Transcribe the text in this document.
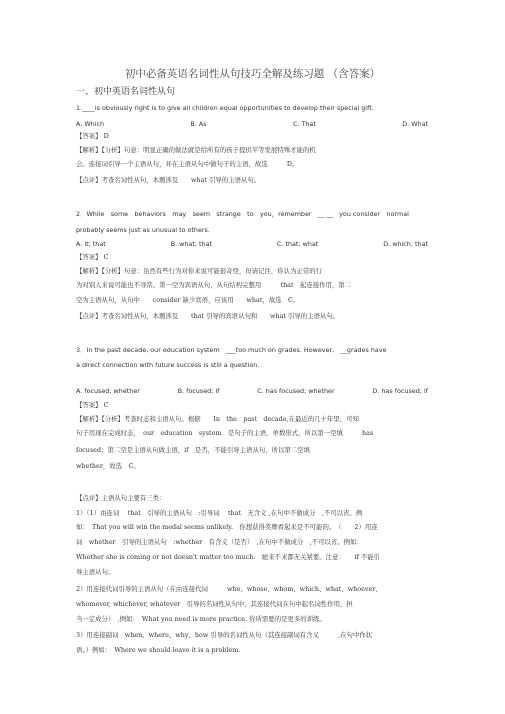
初中必备英语名词性从句技巧全解及练习题 （含答案）
一、初中英语名词性从句
1.____is obviously right is to give all children equal opportunities to develop their special gift.
A. Which	B. As	C. That	D. What
【答案】 D
【解析】【分析】句意：明显正确的做法就是给所有的孩子提供平等发展特殊才能的机
会。连接词引导一个主语从句，并在主语从句中做句子的主语，故选　　　D。
【点评】考查名词性从句，本题涉及　　what 引导的主语从句。
2．While　some　behaviors　may　seem　strange　to　you，remember　__ __　you consider　normal
probably seems just as unusual to others.
A. it; that	B. what; that	C. that; what	D. which; that
【答案】 C
【解析】【分析】句意：虽然有些行为对你来说可能很奇怪，但请记住，你认为正常的行
为对别人来说可能也不寻常。第一空为宾语从句，从句结构完整用　　　that　起连接作用，第二
空为主语从句，从句中　　consider 缺少宾语，应该用　　what，故选　C。
【点评】考查名词性从句，本题涉及　　that 引导的宾语从句和　　what 引导的主语从句。
3．In the past decade, our education system　___too much on grades. However,　__grades have
a direct connection with future success is still a question.
A. focused; whether	B. focused; if	C. has focused; whether	D. has focused; if
【答案】 C
【解析】【分析】考查时态和主语从句。根据　　In　the　past　decade,在最近的几十年里，可知
句子用现在完成时态，　our　education　system　是句子的主语，单数形式，所以第一空填　　　has
focused；第二空是主语从句做主语，if　是否，不能引导主语从句，所以第二空填
whether，故选　C。
【点评】主语从句主要有三类：
1）（1）由连词　 that　引导的主语从句　:引导词　 that　无含义 ,在句中不做成分　,不可以省。例
如：　That you will win the medal seems unlikely.　你想获得奖牌看起来是不可能的。　（　　2）用连
词　whether　引导的主语从句　:whether　有含义（是否）　,在句中不做成分　,不可以省。例如：
Whether she is coming or not doesn't matter too much.　她来不来都无关紧要。注意：　　if 不能引
导主语从句。
2）用连接代词引导的主语从句（在由连接代词　　　who、whose、whom、which、what、whoever、
whomever, whichever, whatever　引导的名词性从句中，其连接代词在句中起名词性作用，担
当一定成分）　,例如：　What you need is more practice. 你所需要的是更多的训练。
3）用连接副词　when、where、why、how 引导的名词性从句（其连接副词有含义　　　,在句中作状
语。）例如：　Where we should leave it is a problem.
